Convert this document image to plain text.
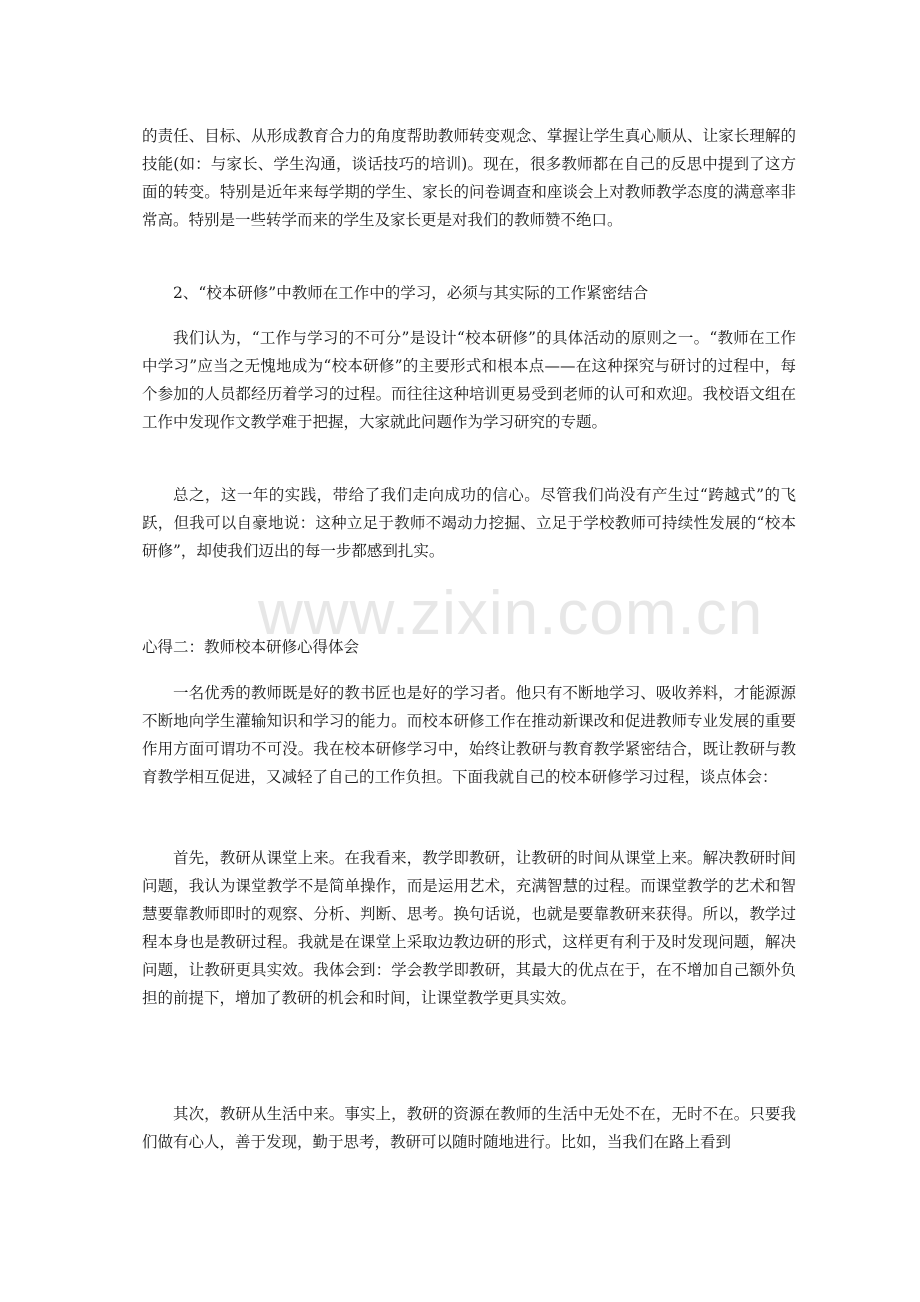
的责任、目标、从形成教育合力的角度帮助教师转变观念、掌握让学生真心顺从、让家长理解的技能(如：与家长、学生沟通，谈话技巧的培训)。现在，很多教师都在自己的反思中提到了这方面的转变。特别是近年来每学期的学生、家长的问卷调查和座谈会上对教师教学态度的满意率非常高。特别是一些转学而来的学生及家长更是对我们的教师赞不绝口。

2、“校本研修”中教师在工作中的学习，必须与其实际的工作紧密结合

我们认为，“工作与学习的不可分”是设计“校本研修”的具体活动的原则之一。“教师在工作中学习”应当之无愧地成为“校本研修”的主要形式和根本点——在这种探究与研讨的过程中，每个参加的人员都经历着学习的过程。而往往这种培训更易受到老师的认可和欢迎。我校语文组在工作中发现作文教学难于把握，大家就此问题作为学习研究的专题。

总之，这一年的实践，带给了我们走向成功的信心。尽管我们尚没有产生过“跨越式”的飞跃，但我可以自豪地说：这种立足于教师不竭动力挖掘、立足于学校教师可持续性发展的“校本研修”，却使我们迈出的每一步都感到扎实。

www.zixin.com.cn

心得二：教师校本研修心得体会

一名优秀的教师既是好的教书匠也是好的学习者。他只有不断地学习、吸收养料，才能源源不断地向学生灌输知识和学习的能力。而校本研修工作在推动新课改和促进教师专业发展的重要作用方面可谓功不可没。我在校本研修学习中，始终让教研与教育教学紧密结合，既让教研与教育教学相互促进，又减轻了自己的工作负担。下面我就自己的校本研修学习过程，谈点体会：

首先，教研从课堂上来。在我看来，教学即教研，让教研的时间从课堂上来。解决教研时间问题，我认为课堂教学不是简单操作，而是运用艺术，充满智慧的过程。而课堂教学的艺术和智慧要靠教师即时的观察、分析、判断、思考。换句话说，也就是要靠教研来获得。所以，教学过程本身也是教研过程。我就是在课堂上采取边教边研的形式，这样更有利于及时发现问题，解决问题，让教研更具实效。我体会到：学会教学即教研，其最大的优点在于，在不增加自己额外负担的前提下，增加了教研的机会和时间，让课堂教学更具实效。

其次，教研从生活中来。事实上，教研的资源在教师的生活中无处不在，无时不在。只要我们做有心人，善于发现，勤于思考，教研可以随时随地进行。比如，当我们在路上看到
